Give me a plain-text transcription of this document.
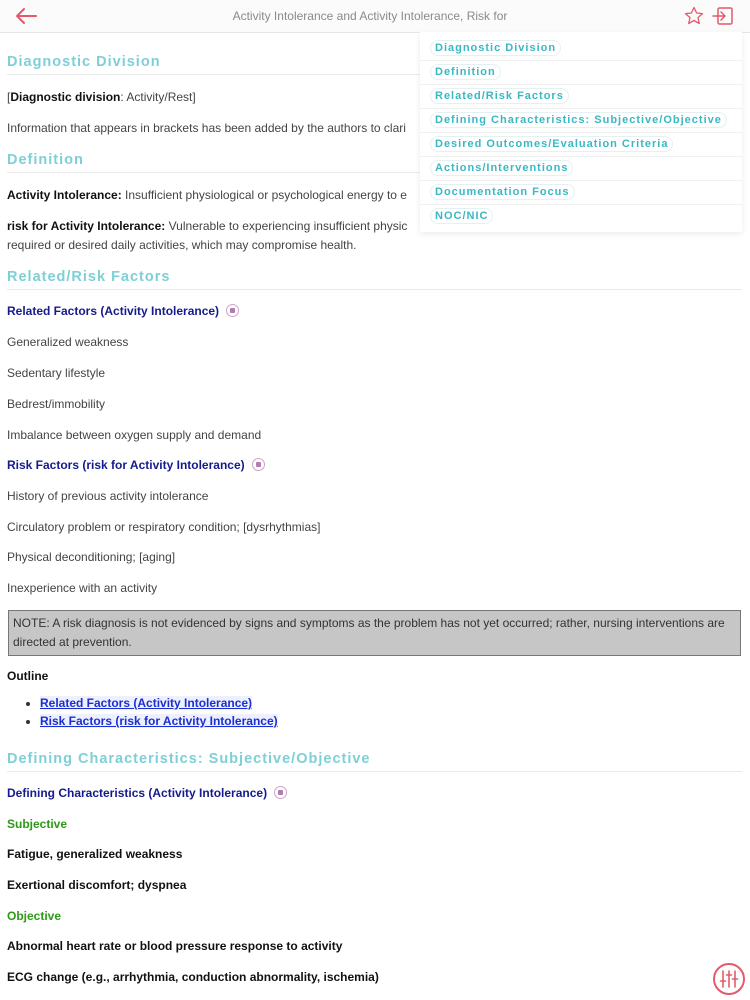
Activity Intolerance and Activity Intolerance, Risk for
Diagnostic Division
[Diagnostic division: Activity/Rest]
Information that appears in brackets has been added by the authors to clari
Definition
Activity Intolerance: Insufficient physiological or psychological energy to e
risk for Activity Intolerance: Vulnerable to experiencing insufficient physic
required or desired daily activities, which may compromise health.
Related/Risk Factors
Related Factors (Activity Intolerance)
Generalized weakness
Sedentary lifestyle
Bedrest/immobility
Imbalance between oxygen supply and demand
Risk Factors (risk for Activity Intolerance)
History of previous activity intolerance
Circulatory problem or respiratory condition; [dysrhythmias]
Physical deconditioning; [aging]
Inexperience with an activity
NOTE: A risk diagnosis is not evidenced by signs and symptoms as the problem has not yet occurred; rather, nursing interventions are directed at prevention.
Outline
• Related Factors (Activity Intolerance)
• Risk Factors (risk for Activity Intolerance)
Defining Characteristics: Subjective/Objective
Defining Characteristics (Activity Intolerance)
Subjective
Fatigue, generalized weakness
Exertional discomfort; dyspnea
Objective
Abnormal heart rate or blood pressure response to activity
ECG change (e.g., arrhythmia, conduction abnormality, ischemia)
Diagnostic Division
Definition
Related/Risk Factors
Defining Characteristics: Subjective/Objective
Desired Outcomes/Evaluation Criteria
Actions/Interventions
Documentation Focus
NOC/NIC
